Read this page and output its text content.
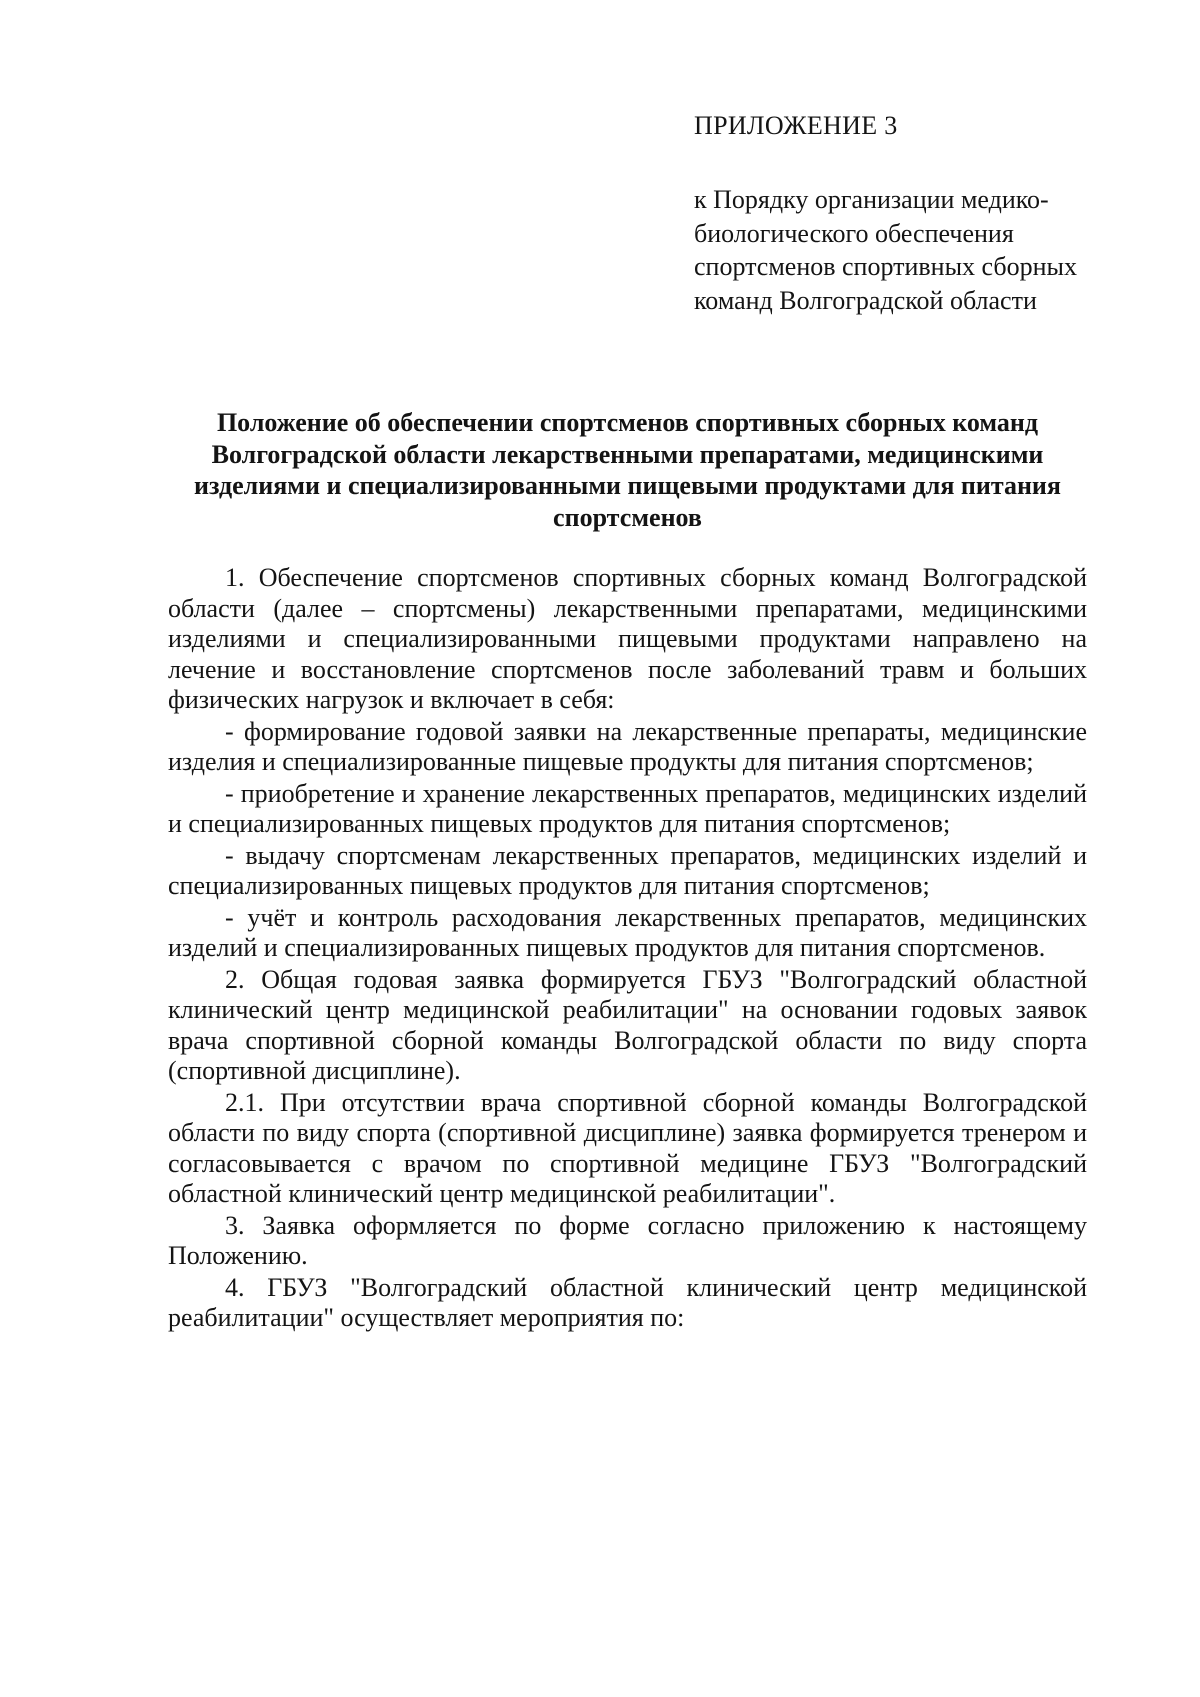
ПРИЛОЖЕНИЕ 3

к Порядку организации медико-биологического обеспечения спортсменов спортивных сборных команд Волгоградской области

Положение об обеспечении спортсменов спортивных сборных команд Волгоградской области лекарственными препаратами, медицинскими изделиями и специализированными пищевыми продуктами для питания спортсменов

1. Обеспечение спортсменов спортивных сборных команд Волгоградской области (далее – спортсмены) лекарственными препаратами, медицинскими изделиями и специализированными пищевыми продуктами направлено на лечение и восстановление спортсменов после заболеваний травм и больших физических нагрузок и включает в себя:

- формирование годовой заявки на лекарственные препараты, медицинские изделия и специализированные пищевые продукты для питания спортсменов;

- приобретение и хранение лекарственных препаратов, медицинских изделий и специализированных пищевых продуктов для питания спортсменов;

- выдачу спортсменам лекарственных препаратов, медицинских изделий и специализированных пищевых продуктов для питания спортсменов;

- учёт и контроль расходования лекарственных препаратов, медицинских изделий и специализированных пищевых продуктов для питания спортсменов.

2. Общая годовая заявка формируется ГБУЗ "Волгоградский областной клинический центр медицинской реабилитации" на основании годовых заявок врача спортивной сборной команды Волгоградской области по виду спорта (спортивной дисциплине).

2.1. При отсутствии врача спортивной сборной команды Волгоградской области по виду спорта (спортивной дисциплине) заявка формируется тренером и согласовывается с врачом по спортивной медицине ГБУЗ "Волгоградский областной клинический центр медицинской реабилитации".

3. Заявка оформляется по форме согласно приложению к настоящему Положению.

4. ГБУЗ "Волгоградский областной клинический центр медицинской реабилитации" осуществляет мероприятия по:
